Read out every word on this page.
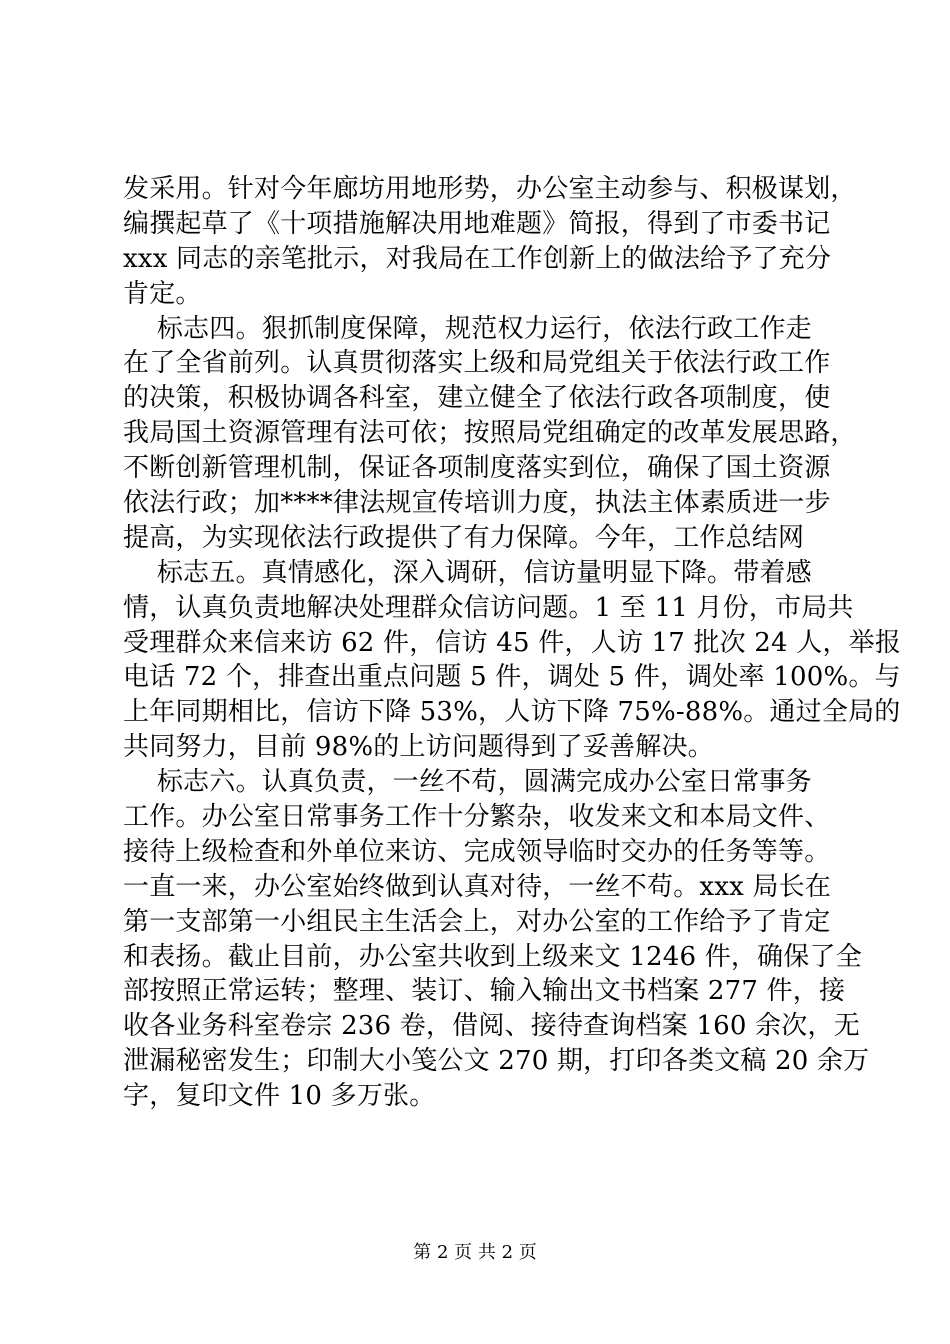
发采用。针对今年廊坊用地形势，办公室主动参与、积极谋划，
编撰起草了《十项措施解决用地难题》简报，得到了市委书记
xxx 同志的亲笔批示，对我局在工作创新上的做法给予了充分
肯定。
标志四。狠抓制度保障，规范权力运行，依法行政工作走
在了全省前列。认真贯彻落实上级和局党组关于依法行政工作
的决策，积极协调各科室，建立健全了依法行政各项制度，使
我局国土资源管理有法可依；按照局党组确定的改革发展思路，
不断创新管理机制，保证各项制度落实到位，确保了国土资源
依法行政；加****律法规宣传培训力度，执法主体素质进一步
提高，为实现依法行政提供了有力保障。今年，工作总结网
标志五。真情感化，深入调研，信访量明显下降。带着感
情，认真负责地解决处理群众信访问题。1 至 11 月份，市局共
受理群众来信来访 62 件，信访 45 件，人访 17 批次 24 人，举报
电话 72 个，排查出重点问题 5 件，调处 5 件，调处率 100%。与
上年同期相比，信访下降 53%，人访下降 75%-88%。通过全局的
共同努力，目前 98%的上访问题得到了妥善解决。
标志六。认真负责，一丝不苟，圆满完成办公室日常事务
工作。办公室日常事务工作十分繁杂，收发来文和本局文件、
接待上级检查和外单位来访、完成领导临时交办的任务等等。
一直一来，办公室始终做到认真对待，一丝不苟。xxx 局长在
第一支部第一小组民主生活会上，对办公室的工作给予了肯定
和表扬。截止目前，办公室共收到上级来文 1246 件，确保了全
部按照正常运转；整理、装订、输入输出文书档案 277 件，接
收各业务科室卷宗 236 卷，借阅、接待查询档案 160 余次，无
泄漏秘密发生；印制大小笺公文 270 期，打印各类文稿 20 余万
字，复印文件 10 多万张。
第 2 页 共 2 页
